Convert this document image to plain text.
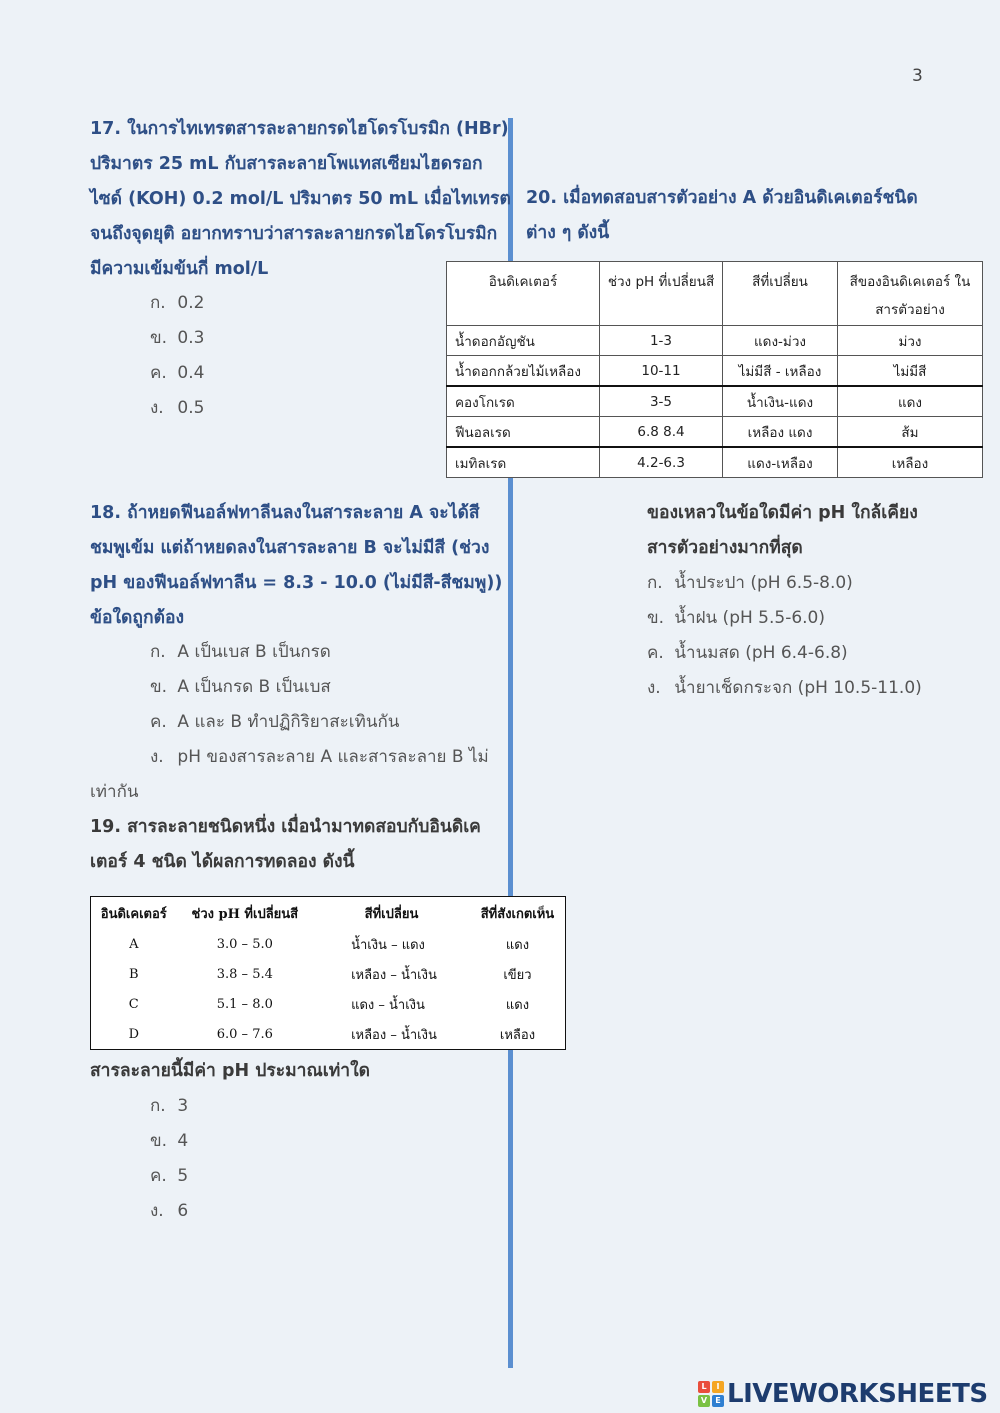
3
17. ในการไทเทรตสารละลายกรดไฮโดรโบรมิก (HBr)
ปริมาตร 25 mL กับสารละลายโพแทสเซียมไฮดรอก
ไซด์ (KOH) 0.2 mol/L ปริมาตร 50 mL เมื่อไทเทรต
จนถึงจุดยุติ อยากทราบว่าสารละลายกรดไฮโดรโบรมิก
มีความเข้มข้นกี่ mol/L
ก. 0.2
ข. 0.3
ค. 0.4
ง. 0.5
18. ถ้าหยดฟีนอล์ฟทาลีนลงในสารละลาย A จะได้สี
ชมพูเข้ม แต่ถ้าหยดลงในสารละลาย B จะไม่มีสี (ช่วง
pH ของฟีนอล์ฟทาลีน = 8.3 - 10.0 (ไม่มีสี-สีชมพู))
ข้อใดถูกต้อง
ก. A เป็นเบส B เป็นกรด
ข. A เป็นกรด B เป็นเบส
ค. A และ B ทำปฏิกิริยาสะเทินกัน
ง. pH ของสารละลาย A และสารละลาย B ไม่
เท่ากัน
19. สารละลายชนิดหนึ่ง เมื่อนำมาทดสอบกับอินดิเค
เตอร์ 4 ชนิด ได้ผลการทดลอง ดังนี้
อินดิเคเตอร์	ช่วง pH ที่เปลี่ยนสี	สีที่เปลี่ยน	สีที่สังเกตเห็น
A	3.0 – 5.0	น้ำเงิน – แดง	แดง
B	3.8 – 5.4	เหลือง – น้ำเงิน	เขียว
C	5.1 – 8.0	แดง – น้ำเงิน	แดง
D	6.0 – 7.6	เหลือง – น้ำเงิน	เหลือง
สารละลายนี้มีค่า pH ประมาณเท่าใด
ก. 3
ข. 4
ค. 5
ง. 6
20. เมื่อทดสอบสารตัวอย่าง A ด้วยอินดิเคเตอร์ชนิด
ต่าง ๆ ดังนี้
อินดิเคเตอร์	ช่วง pH ที่เปลี่ยนสี	สีที่เปลี่ยน	สีของอินดิเคเตอร์ ในสารตัวอย่าง
น้ำดอกอัญชัน	1-3	แดง-ม่วง	ม่วง
น้ำดอกกล้วยไม้เหลือง	10-11	ไม่มีสี - เหลือง	ไม่มีสี
คองโกเรด	3-5	น้ำเงิน-แดง	แดง
ฟีนอลเรด	6.8 8.4	เหลือง แดง	ส้ม
เมทิลเรด	4.2-6.3	แดง-เหลือง	เหลือง
ของเหลวในข้อใดมีค่า pH ใกล้เคียง
สารตัวอย่างมากที่สุด
ก. น้ำประปา (pH 6.5-8.0)
ข. น้ำฝน (pH 5.5-6.0)
ค. น้ำนมสด (pH 6.4-6.8)
ง. น้ำยาเช็ดกระจก (pH 10.5-11.0)
L	I
V	E LIVEWORKSHEETS
